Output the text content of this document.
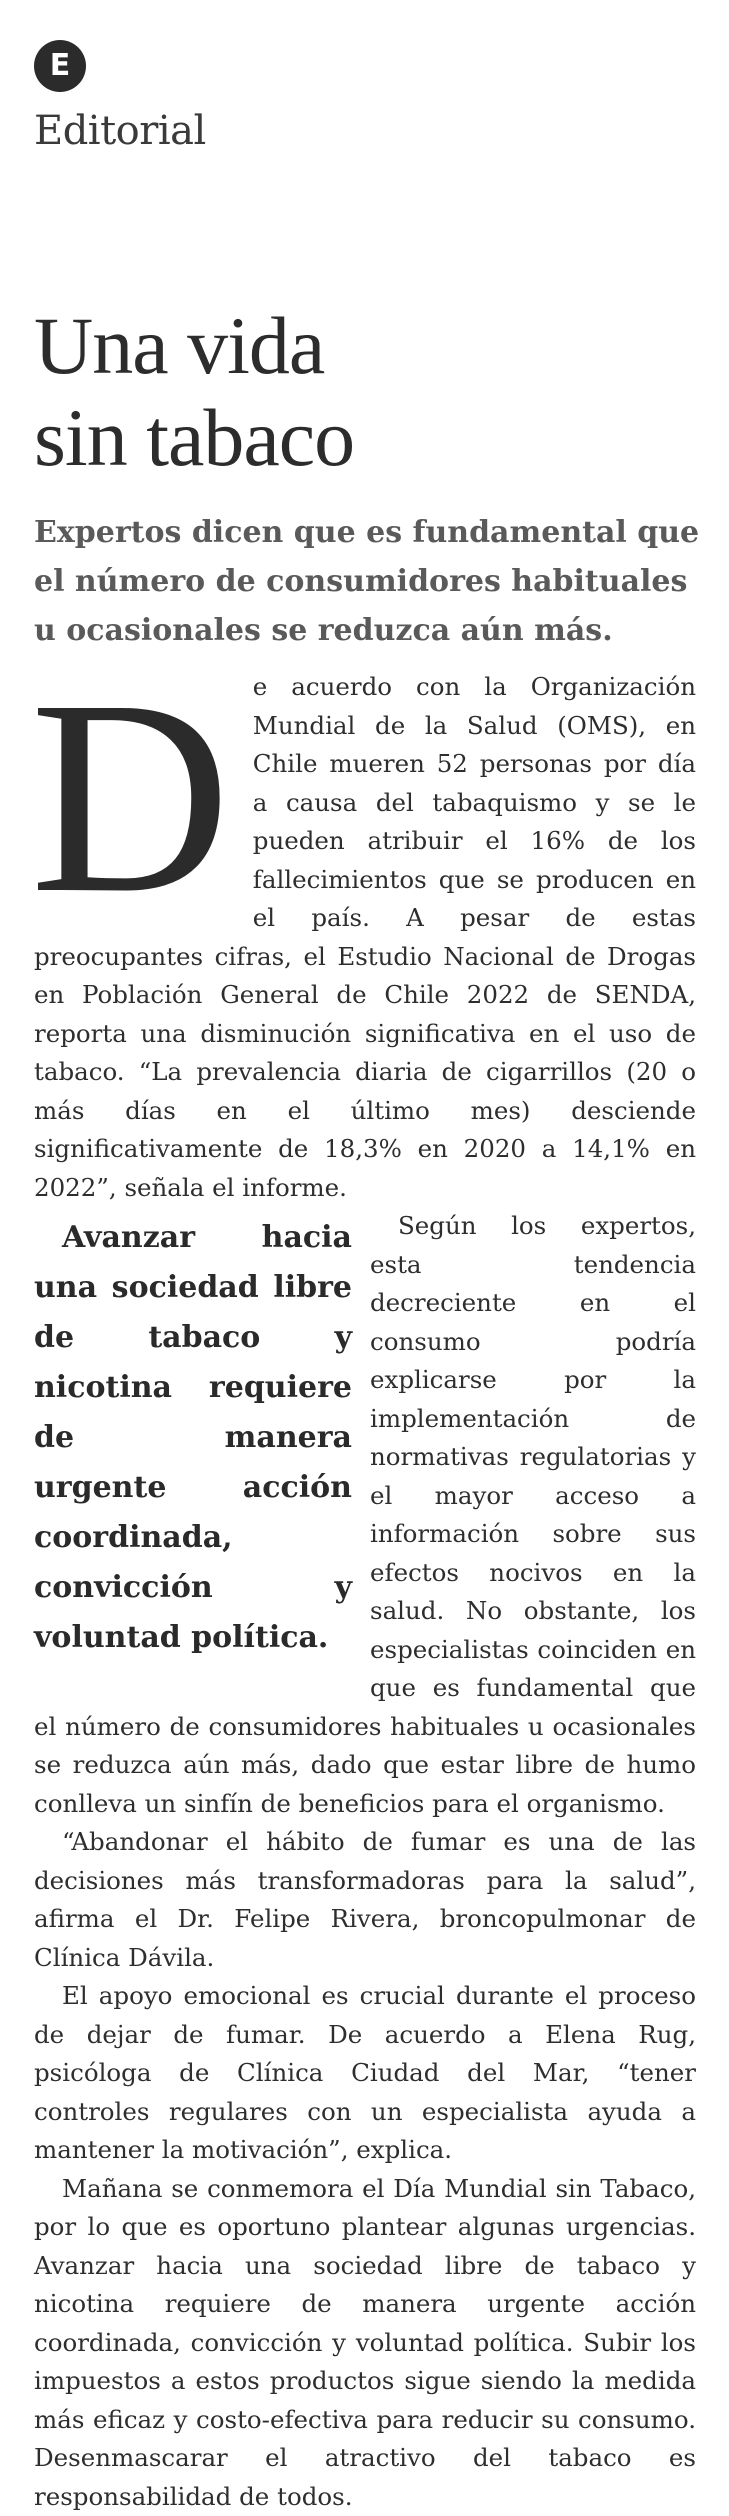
E
Editorial
Una vida
sin tabaco

Expertos dicen que es fundamental que el número de consumidores habituales u ocasionales se reduzca aún más.

De acuerdo con la Organización Mundial de la Salud (OMS), en Chile mueren 52 personas por día a causa del tabaquismo y se le pueden atribuir el 16% de los fallecimientos que se producen en el país. A pesar de estas preocupantes cifras, el Estudio Nacional de Drogas en Población General de Chile 2022 de SENDA, reporta una disminución significativa en el uso de tabaco. “La prevalencia diaria de cigarrillos (20 o más días en el último mes) desciende significativamente de 18,3% en 2020 a 14,1% en 2022”, señala el informe.

Avanzar hacia una sociedad libre de tabaco y nicotina requiere de manera urgente acción coordinada, convicción y voluntad política.
Según los expertos, esta tendencia decreciente en el consumo podría explicarse por la implementación de normativas regulatorias y el mayor acceso a información sobre sus efectos nocivos en la salud. No obstante, los especialistas coinciden en que es fundamental que el número de consumidores habituales u ocasionales se reduzca aún más, dado que estar libre de humo conlleva un sinfín de beneficios para el organismo.

“Abandonar el hábito de fumar es una de las decisiones más transformadoras para la salud”, afirma el Dr. Felipe Rivera, broncopulmonar de Clínica Dávila.

El apoyo emocional es crucial durante el proceso de dejar de fumar. De acuerdo a Elena Rug, psicóloga de Clínica Ciudad del Mar, “tener controles regulares con un especialista ayuda a mantener la motivación”, explica.

Mañana se conmemora el Día Mundial sin Tabaco, por lo que es oportuno plantear algunas urgencias. Avanzar hacia una sociedad libre de tabaco y nicotina requiere de manera urgente acción coordinada, convicción y voluntad política. Subir los impuestos a estos productos sigue siendo la medida más eficaz y costo-efectiva para reducir su consumo. Desenmascarar el atractivo del tabaco es responsabilidad de todos.
